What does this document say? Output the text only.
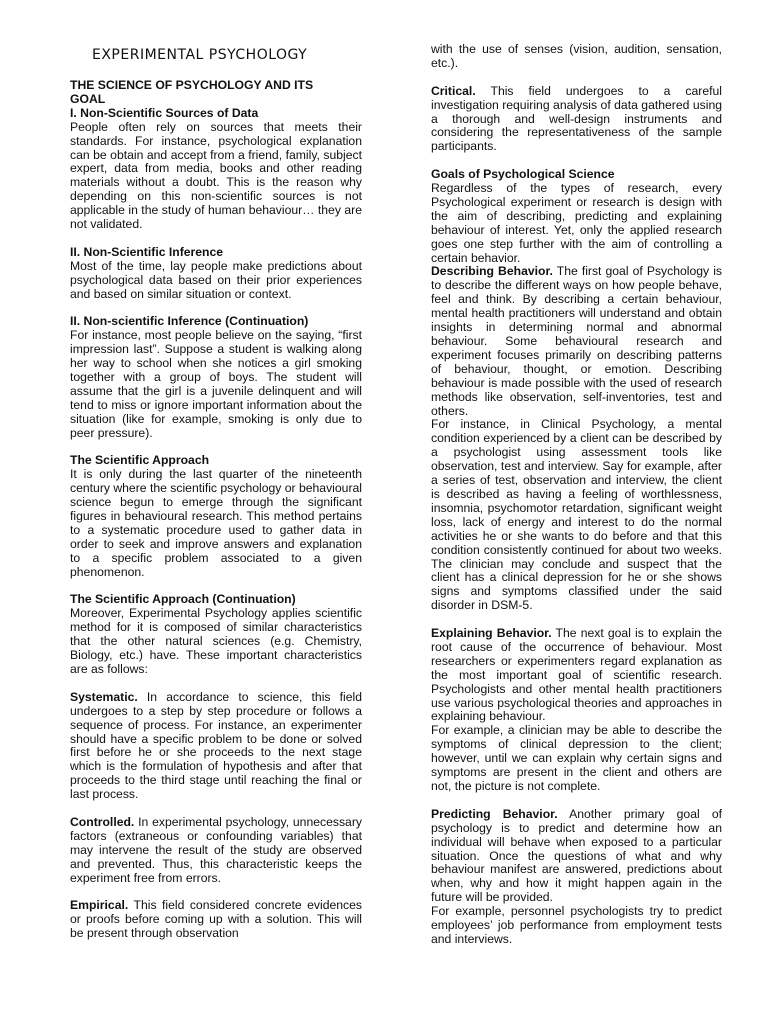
EXPERIMENTAL PSYCHOLOGY
THE SCIENCE OF PSYCHOLOGY AND ITS
GOAL
I. Non-Scientific Sources of Data

People often rely on sources that meets their standards. For instance, psychological explanation can be obtain and accept from a friend, family, subject expert, data from media, books and other reading materials without a doubt. This is the reason why depending on this non-scientific sources is not applicable in the study of human behaviour… they are not validated.

II. Non-Scientific Inference

Most of the time, lay people make predictions about psychological data based on their prior experiences and based on similar situation or context.

II. Non-scientific Inference (Continuation)

For instance, most people believe on the saying, “first impression last”. Suppose a student is walking along her way to school when she notices a girl smoking together with a group of boys. The student will assume that the girl is a juvenile delinquent and will tend to miss or ignore important information about the situation (like for example, smoking is only due to peer pressure).

The Scientific Approach

It is only during the last quarter of the nineteenth century where the scientific psychology or behavioural science begun to emerge through the significant figures in behavioural research. This method pertains to a systematic procedure used to gather data in order to seek and improve answers and explanation to a specific problem associated to a given phenomenon.

The Scientific Approach (Continuation)

Moreover, Experimental Psychology applies scientific method for it is composed of similar characteristics that the other natural sciences (e.g. Chemistry, Biology, etc.) have. These important characteristics are as follows:

Systematic. In accordance to science, this field undergoes to a step by step procedure or follows a sequence of process. For instance, an experimenter should have a specific problem to be done or solved first before he or she proceeds to the next stage which is the formulation of hypothesis and after that proceeds to the third stage until reaching the final or last process.

Controlled. In experimental psychology, unnecessary factors (extraneous or confounding variables) that may intervene the result of the study are observed and prevented. Thus, this characteristic keeps the experiment free from errors.

Empirical. This field considered concrete evidences or proofs before coming up with a solution. This will be present through observation

with the use of senses (vision, audition, sensation, etc.).

Critical. This field undergoes to a careful investigation requiring analysis of data gathered using a thorough and well-design instruments and considering the representativeness of the sample participants.

Goals of Psychological Science

Regardless of the types of research, every Psychological experiment or research is design with the aim of describing, predicting and explaining behaviour of interest. Yet, only the applied research goes one step further with the aim of controlling a certain behavior.

Describing Behavior. The first goal of Psychology is to describe the different ways on how people behave, feel and think. By describing a certain behaviour, mental health practitioners will understand and obtain insights in determining normal and abnormal behaviour. Some behavioural research and experiment focuses primarily on describing patterns of behaviour, thought, or emotion. Describing behaviour is made possible with the used of research methods like observation, self-inventories, test and others.

For instance, in Clinical Psychology, a mental condition experienced by a client can be described by a psychologist using assessment tools like observation, test and interview. Say for example, after a series of test, observation and interview, the client is described as having a feeling of worthlessness, insomnia, psychomotor retardation, significant weight loss, lack of energy and interest to do the normal activities he or she wants to do before and that this condition consistently continued for about two weeks. The clinician may conclude and suspect that the client has a clinical depression for he or she shows signs and symptoms classified under the said disorder in DSM-5.

Explaining Behavior. The next goal is to explain the root cause of the occurrence of behaviour. Most researchers or experimenters regard explanation as the most important goal of scientific research. Psychologists and other mental health practitioners use various psychological theories and approaches in explaining behaviour.

For example, a clinician may be able to describe the symptoms of clinical depression to the client; however, until we can explain why certain signs and symptoms are present in the client and others are not, the picture is not complete.

Predicting Behavior. Another primary goal of psychology is to predict and determine how an individual will behave when exposed to a particular situation. Once the questions of what and why behaviour manifest are answered, predictions about when, why and how it might happen again in the future will be provided.

For example, personnel psychologists try to predict employees’ job performance from employment tests and interviews.
